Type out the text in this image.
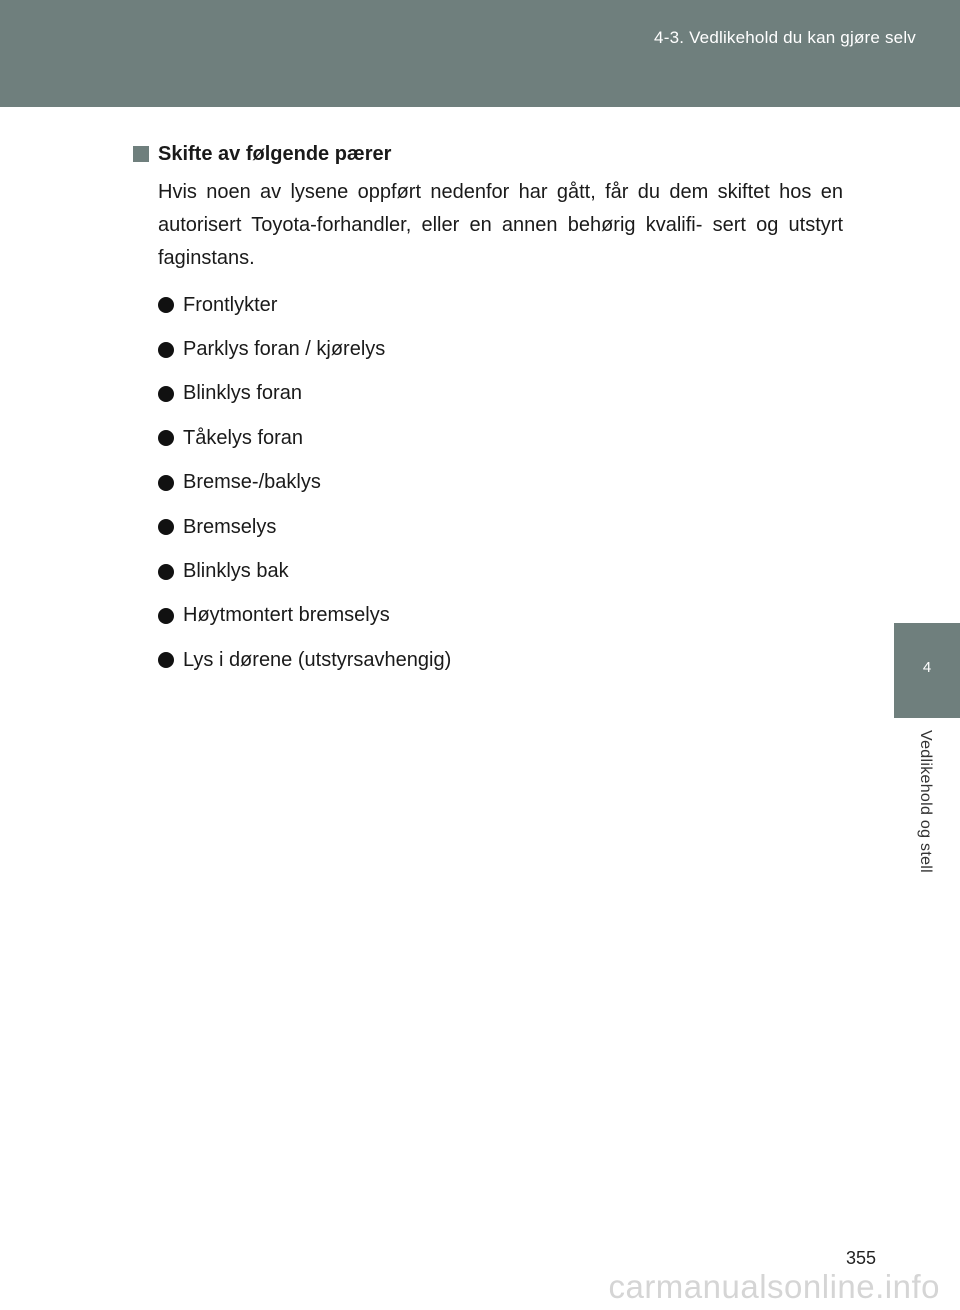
4-3. Vedlikehold du kan gjøre selv
4
Vedlikehold og stell
Skifte av følgende pærer
Hvis noen av lysene oppført nedenfor har gått, får du dem skiftet hos en autorisert Toyota-forhandler, eller en annen behørig kvalifi- sert og utstyrt faginstans.
Frontlykter
Parklys foran / kjørelys
Blinklys foran
Tåkelys foran
Bremse-/baklys
Bremselys
Blinklys bak
Høytmontert bremselys
Lys i dørene (utstyrsavhengig)
355
carmanualsonline.info
